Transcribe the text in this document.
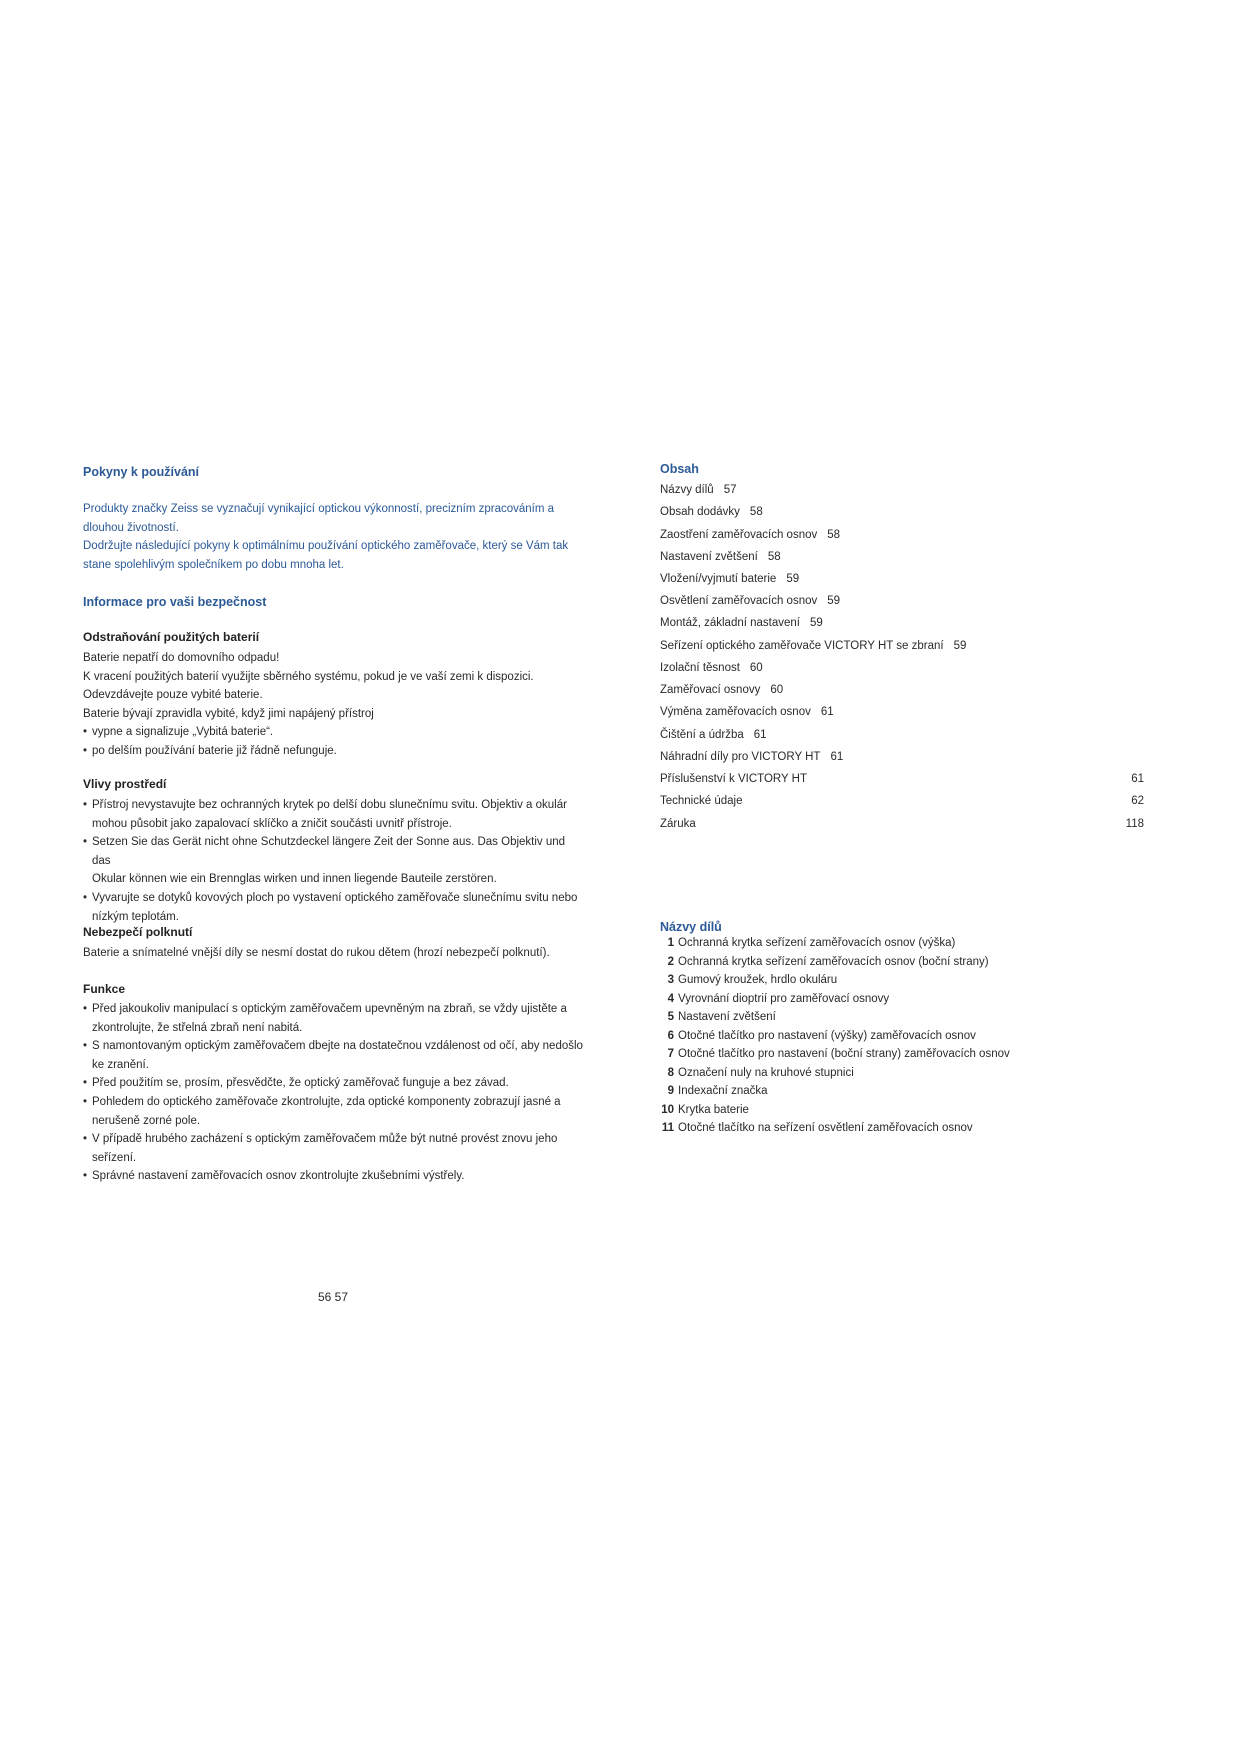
Pokyny k používání
Produkty značky Zeiss se vyznačují vynikající optickou výkonností, precizním zpracováním a
dlouhou životností.
Dodržujte následující pokyny k optimálnímu používání optického zaměřovače, který se Vám tak
stane spolehlivým společníkem po dobu mnoha let.
Informace pro vaši bezpečnost
Odstraňování použitých baterií
Baterie nepatří do domovního odpadu!
K vracení použitých baterií využijte sběrného systému, pokud je ve vaší zemi k dispozici.
Odevzdávejte pouze vybité baterie.
Baterie bývají zpravidla vybité, když jimi napájený přístroj
• vypne a signalizuje „Vybitá baterie“.
• po delším používání baterie již řádně nefunguje.
Vlivy prostředí
• Přístroj nevystavujte bez ochranných krytek po delší dobu slunečnímu svitu. Objektiv a okulár
mohou působit jako zapalovací sklíčko a zničit součásti uvnitř přístroje.
• Setzen Sie das Gerät nicht ohne Schutzdeckel längere Zeit der Sonne aus. Das Objektiv und das
Okular können wie ein Brennglas wirken und innen liegende Bauteile zerstören.
• Vyvarujte se dotyků kovových ploch po vystavení optického zaměřovače slunečnímu svitu nebo
nízkým teplotám.
Nebezpečí polknutí
Baterie a snímatelné vnější díly se nesmí dostat do rukou dětem (hrozí nebezpečí polknutí).
Funkce
• Před jakoukoliv manipulací s optickým zaměřovačem upevněným na zbraň, se vždy ujistěte a
zkontrolujte, že střelná zbraň není nabitá.
• S namontovaným optickým zaměřovačem dbejte na dostatečnou vzdálenost od očí, aby nedošlo
ke zranění.
• Před použitím se, prosím, přesvědčte, že optický zaměřovač funguje a bez závad.
• Pohledem do optického zaměřovače zkontrolujte, zda optické komponenty zobrazují jasné a
nerušeně zorné pole.
• V případě hrubého zacházení s optickým zaměřovačem může být nutné provést znovu jeho
seřízení.
• Správné nastavení zaměřovacích osnov zkontrolujte zkušebními výstřely.
56 57
Obsah
Názvy dílů 57
Obsah dodávky 58
Zaostření zaměřovacích osnov 58
Nastavení zvětšení 58
Vložení/vyjmutí baterie 59
Osvětlení zaměřovacích osnov 59
Montáž, základní nastavení 59
Seřízení optického zaměřovače VICTORY HT se zbraní 59
Izolační těsnost 60
Zaměřovací osnovy 60
Výměna zaměřovacích osnov 61
Čištění a údržba 61
Náhradní díly pro VICTORY HT 61
Příslušenství k VICTORY HT	61
Technické údaje	62
Záruka	118
Názvy dílů
1 Ochranná krytka seřízení zaměřovacích osnov (výška)
2 Ochranná krytka seřízení zaměřovacích osnov (boční strany)
3 Gumový kroužek, hrdlo okuláru
4 Vyrovnání dioptrií pro zaměřovací osnovy
5 Nastavení zvětšení
6 Otočné tlačítko pro nastavení (výšky) zaměřovacích osnov
7 Otočné tlačítko pro nastavení (boční strany) zaměřovacích osnov
8 Označení nuly na kruhové stupnici
9 Indexační značka
10 Krytka baterie
11 Otočné tlačítko na seřízení osvětlení zaměřovacích osnov
